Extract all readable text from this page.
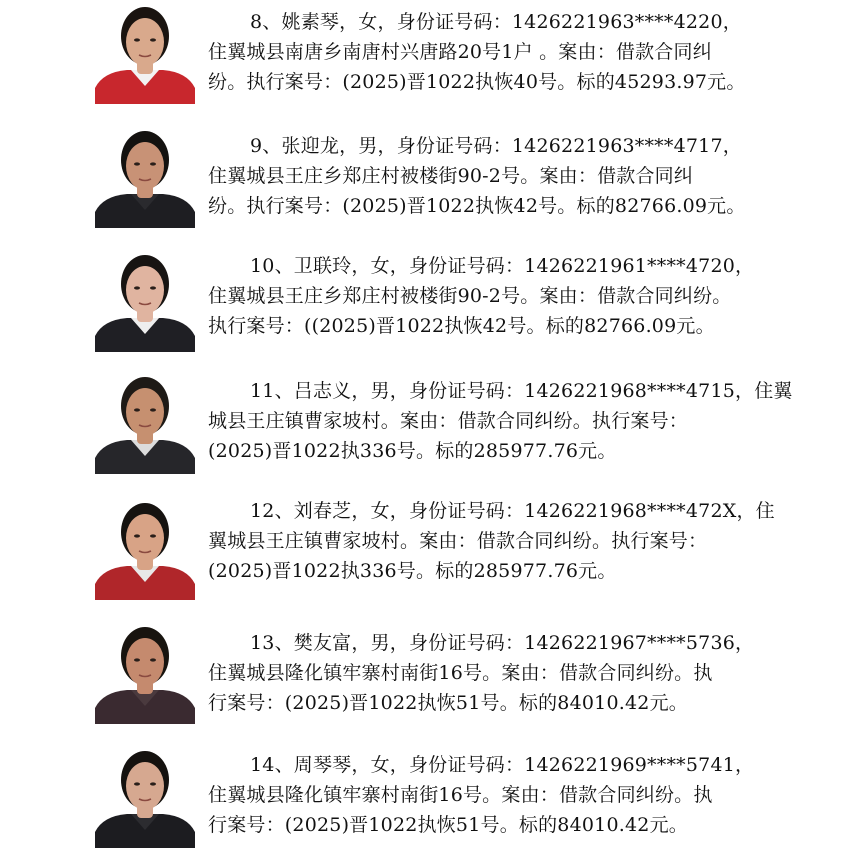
8、姚素琴，女，身份证号码：1426221963****4220，
住翼城县南唐乡南唐村兴唐路20号1户 。案由：借款合同纠
纷。执行案号：(2025)晋1022执恢40号。标的45293.97元。
9、张迎龙，男，身份证号码：1426221963****4717，
住翼城县王庄乡郑庄村被楼街90-2号。案由：借款合同纠
纷。执行案号：(2025)晋1022执恢42号。标的82766.09元。
10、卫联玲，女，身份证号码：1426221961****4720，
住翼城县王庄乡郑庄村被楼街90-2号。案由：借款合同纠纷。
执行案号：((2025)晋1022执恢42号。标的82766.09元。
11、吕志义，男，身份证号码：1426221968****4715，住翼
城县王庄镇曹家坡村。案由：借款合同纠纷。执行案号：
(2025)晋1022执336号。标的285977.76元。
12、刘春芝，女，身份证号码：1426221968****472X，住
翼城县王庄镇曹家坡村。案由：借款合同纠纷。执行案号：
(2025)晋1022执336号。标的285977.76元。
13、樊友富，男，身份证号码：1426221967****5736，
住翼城县隆化镇牢寨村南街16号。案由：借款合同纠纷。执
行案号：(2025)晋1022执恢51号。标的84010.42元。
14、周琴琴，女，身份证号码：1426221969****5741，
住翼城县隆化镇牢寨村南街16号。案由：借款合同纠纷。执
行案号：(2025)晋1022执恢51号。标的84010.42元。
